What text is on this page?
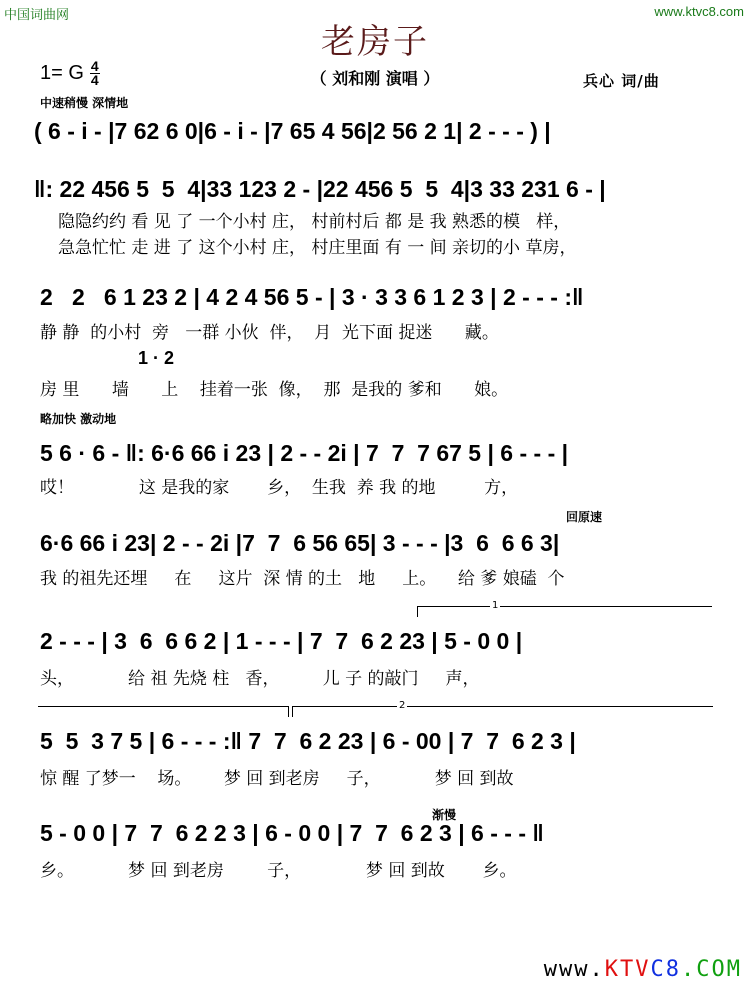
中国词曲网	www.ktvc8.com
老房子
1= G $\frac{4}{4}$	（ 刘和刚 演唱 ）	兵心 词/曲
中速稍慢 深情地
( 6 - i - |7 62 6 0|6 - i - |7 65 4 56|2 56 2 1| 2 - - - ) |
‖: 22 456 5  5  4|33 123 2 - |22 456 5  5  4|3 33 231 6 - |
隐隐约约 看 见 了 一个小村 庄， 村前村后 都 是 我 熟悉的模   样，
急急忙忙 走 进 了 这个小村 庄， 村庄里面 有 一 间 亲切的小 草房，
2   2   6 1 23 2 | 4 2 4 56 5 - | 3 · 3 3 6 1 2 3 | 2 - - - :‖
静 静  的小村  旁   一群 小伙  伴，  月  光下面 捉迷      藏。
1 · 2
房 里      墙      上    挂着一张  像，  那  是我的 爹和      娘。
略加快 激动地
5 6 · 6 - ‖: 6·6 66 i 23 | 2 - - 2i | 7  7  7 67 5 | 6 - - - |
哎！            这 是我的家       乡，  生我  养 我 的地         方，
回原速
6·6 66 i 23| 2 - - 2i |7  7  6 56 65| 3 - - - |3  6  6 6 3|
我 的祖先还埋     在     这片  深 情 的土   地     上。    给 爹 娘磕  个
1
2 - - - | 3  6  6 6 2 | 1 - - - | 7  7  6 2 23 | 5 - 0 0 |
头，          给 祖 先烧 柱   香，        儿 子 的敲门     声，
2
5  5  3 7 5 | 6 - - - :‖ 7  7  6 2 23 | 6 - 00 | 7  7  6 2 3 |
惊 醒 了梦一    场。      梦 回 到老房     子，          梦 回 到故
渐慢
5 - 0 0 | 7  7  6 2 2 3 | 6 - 0 0 | 7  7  6 2 3 | 6 - - - ‖
乡。          梦 回 到老房        子，            梦 回 到故       乡。
www.KTVC8.COM
